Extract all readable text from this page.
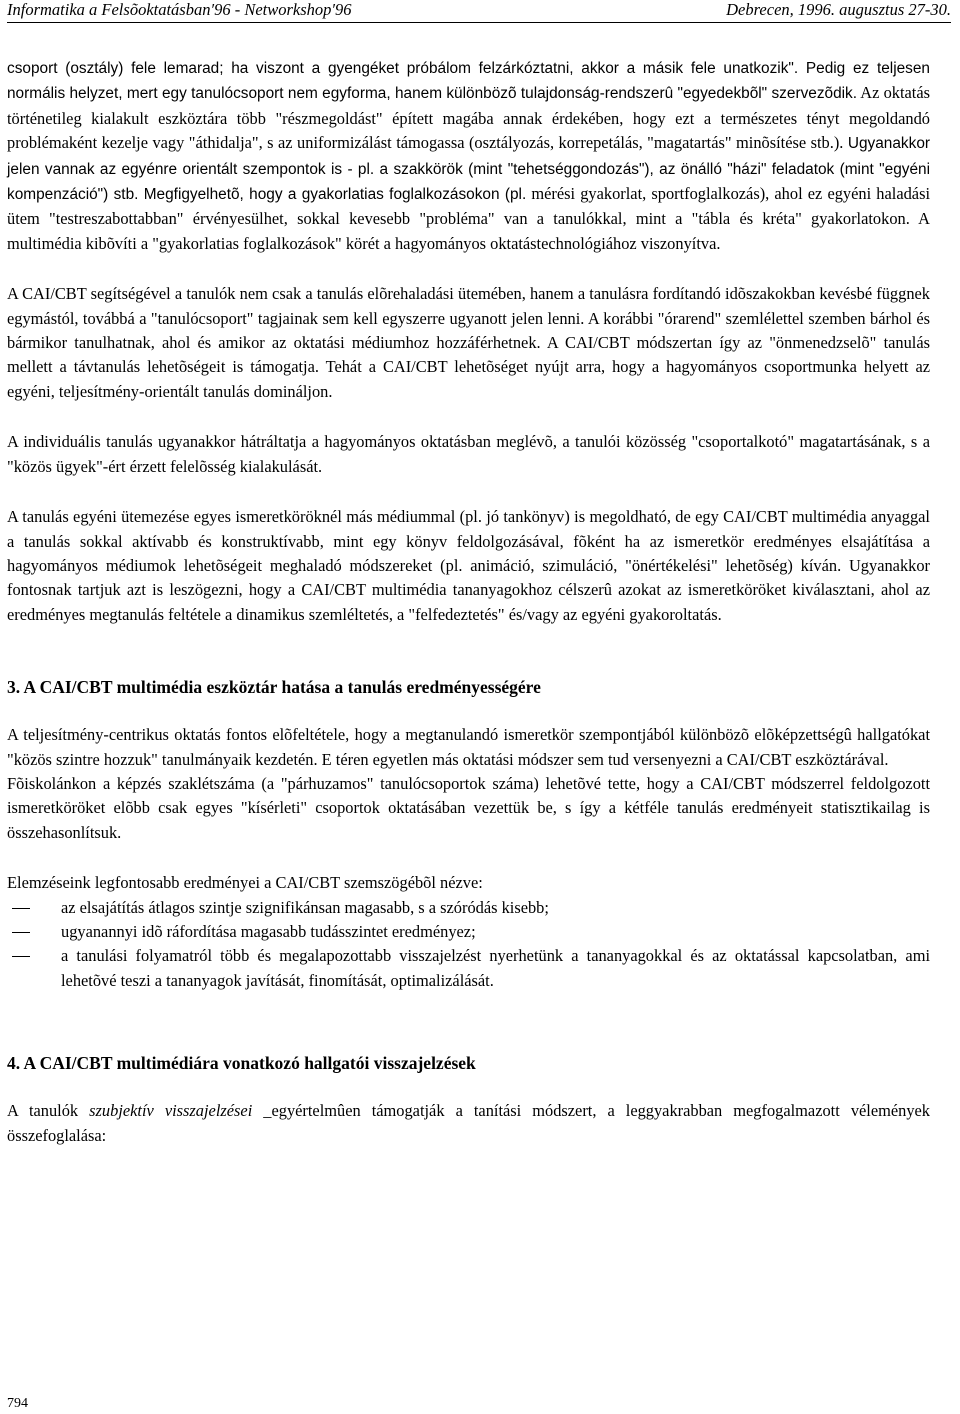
Informatika a Felsõoktatásban′96 - Networkshop′96	Debrecen, 1996. augusztus 27-30.

csoport (osztály) fele lemarad; ha viszont a gyengéket próbálom felzárkóztatni, akkor a másik fele unatkozik". Pedig ez teljesen normális helyzet, mert egy tanulócsoport nem egyforma, hanem különbözõ tulajdonság-rendszerû "egyedekbõl" szervezõdik. Az oktatás történetileg kialakult eszköztára több "részmegoldást" épített magába annak érdekében, hogy ezt a természetes tényt megoldandó problémaként kezelje vagy "áthidalja", s az uniformizálást támogassa (osztályozás, korrepetálás, "magatartás" minõsítése stb.). Ugyanakkor jelen vannak az egyénre orientált szempontok is - pl. a szakkörök (mint "tehetséggondozás"), az önálló "házi" feladatok (mint "egyéni kompenzáció") stb. Megfigyelhetõ, hogy a gyakorlatias foglalkozásokon (pl. mérési gyakorlat, sportfoglalkozás), ahol ez egyéni haladási ütem "testreszabottabban" érvényesülhet, sokkal kevesebb "probléma" van a tanulókkal, mint a "tábla és kréta" gyakorlatokon. A multimédia kibõvíti a "gyakorlatias foglalkozások" körét a hagyományos oktatástechnológiához viszonyítva.

A CAI/CBT segítségével a tanulók nem csak a tanulás elõrehaladási ütemében, hanem a tanulásra fordítandó idõszakokban kevésbé függnek egymástól, továbbá a "tanulócsoport" tagjainak sem kell egyszerre ugyanott jelen lenni. A korábbi "órarend" szemlélettel szemben bárhol és bármikor tanulhatnak, ahol és amikor az oktatási médiumhoz hozzáférhetnek. A CAI/CBT módszertan így az "önmenedzselõ" tanulás mellett a távtanulás lehetõségeit is támogatja. Tehát a CAI/CBT lehetõséget nyújt arra, hogy a hagyományos csoportmunka helyett az egyéni, teljesítmény-orientált tanulás domináljon.

A individuális tanulás ugyanakkor hátráltatja a hagyományos oktatásban meglévõ, a tanulói közösség "csoportalkotó" magatartásának, s a "közös ügyek"-ért érzett felelõsség kialakulását.

A tanulás egyéni ütemezése egyes ismeretköröknél más médiummal (pl. jó tankönyv) is megoldható, de egy CAI/CBT multimédia anyaggal a tanulás sokkal aktívabb és konstruktívabb, mint egy könyv feldolgozásával, fõként ha az ismeretkör eredményes elsajátítása a hagyományos médiumok lehetõségeit meghaladó módszereket (pl. animáció, szimuláció, "önértékelési" lehetõség) kíván. Ugyanakkor fontosnak tartjuk azt is leszögezni, hogy a CAI/CBT multimédia tananyagokhoz célszerû azokat az ismeretköröket kiválasztani, ahol az eredményes megtanulás feltétele a dinamikus szemléltetés, a "felfedeztetés" és/vagy az egyéni gyakoroltatás.

3. A CAI/CBT multimédia eszköztár hatása a tanulás eredményességére

A teljesítmény-centrikus oktatás fontos elõfeltétele, hogy a megtanulandó ismeretkör szempontjából különbözõ elõképzettségû hallgatókat "közös szintre hozzuk" tanulmányaik kezdetén. E téren egyetlen más oktatási módszer sem tud versenyezni a CAI/CBT eszköztárával.

Fõiskolánkon a képzés szaklétszáma (a "párhuzamos" tanulócsoportok száma) lehetõvé tette, hogy a CAI/CBT módszerrel feldolgozott ismeretköröket elõbb csak egyes "kísérleti" csoportok oktatásában vezettük be, s így a kétféle tanulás eredményeit statisztikailag is összehasonlítsuk.

Elemzéseink legfontosabb eredményei a CAI/CBT szemszögébõl nézve:

az elsajátítás átlagos szintje szignifikánsan magasabb, s a szóródás kisebb;
ugyanannyi idõ ráfordítása magasabb tudásszintet eredményez;
a tanulási folyamatról több és megalapozottabb visszajelzést nyerhetünk a tananyagokkal és az oktatással kapcsolatban, ami lehetõvé teszi a tananyagok javítását, finomítását, optimalizálását.
4. A CAI/CBT multimédiára vonatkozó hallgatói visszajelzések

A tanulók szubjektív visszajelzései _egyértelmûen támogatják a tanítási módszert, a leggyakrabban megfogalmazott vélemények összefoglalása:

794
